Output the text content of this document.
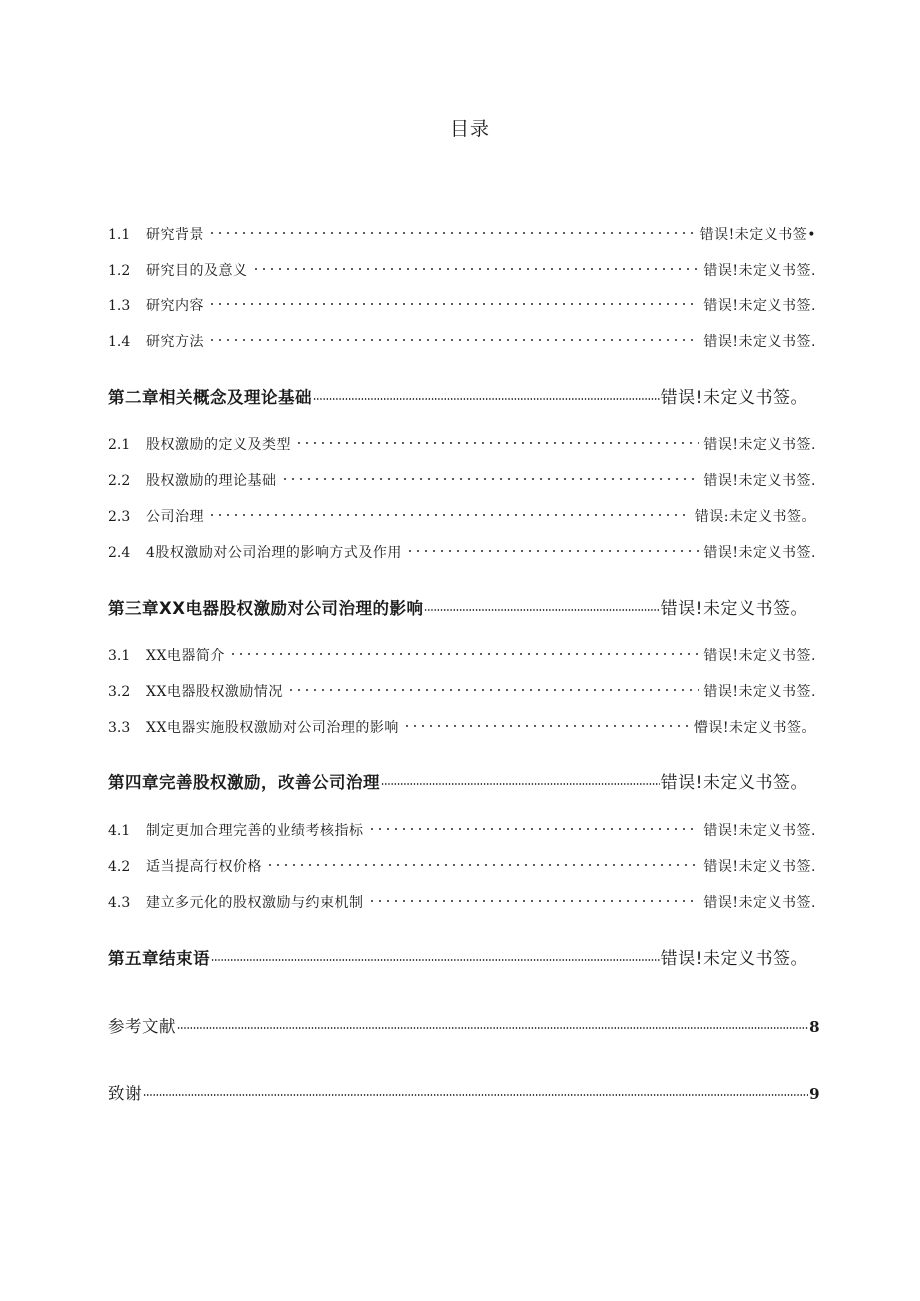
目录
1.1	研究背景	错误!未定义书签•
1.2	研究目的及意义	错误!未定义书签.
1.3	研究内容	错误!未定义书签.
1.4	研究方法	错误!未定义书签.
第二章相关概念及理论基础	错误!未定义书签。
2.1	股权激励的定义及类型	错误!未定义书签.
2.2	股权激励的理论基础	错误!未定义书签.
2.3	公司治理	错误:未定义书签。
2.4	4股权激励对公司治理的影响方式及作用	错误!未定义书签.
第三章XX电器股权激励对公司治理的影响	错误!未定义书签。
3.1	XX电器简介	错误!未定义书签.
3.2	XX电器股权激励情况	错误!未定义书签.
3.3	XX电器实施股权激励对公司治理的影响	懵误!未定义书签。
第四章完善股权激励，改善公司治理	错误!未定义书签。
4.1	制定更加合理完善的业绩考核指标	错误!未定义书签.
4.2	适当提高行权价格	错误!未定义书签.
4.3	建立多元化的股权激励与约束机制	错误!未定义书签.
第五章结束语	错误!未定义书签。
参考文献	8
致谢	9
